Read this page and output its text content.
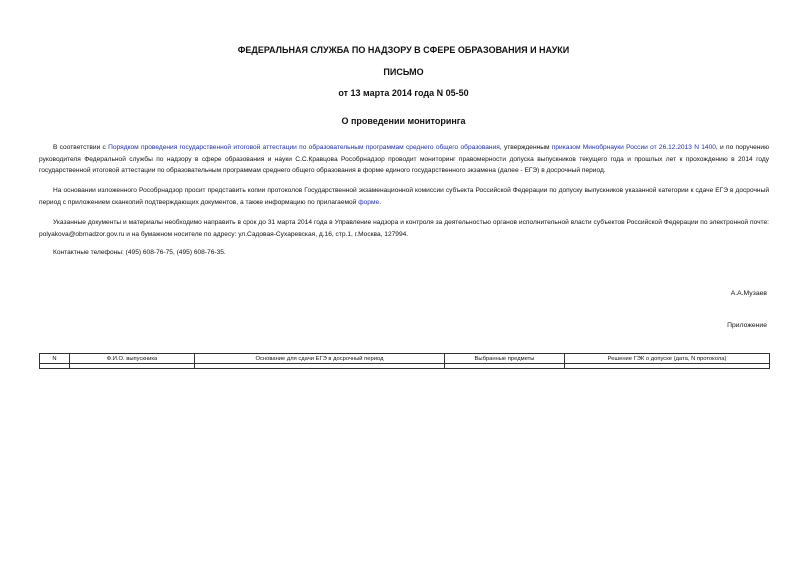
ФЕДЕРАЛЬНАЯ СЛУЖБА ПО НАДЗОРУ В СФЕРЕ ОБРАЗОВАНИЯ И НАУКИ
ПИСЬМО
от 13 марта 2014 года N 05-50
О проведении мониторинга
В соответствии с Порядком проведения государственной итоговой аттестации по образовательным программам среднего общего образования, утвержденным приказом Минобрнауки России от 26.12.2013 N 1400, и по поручению руководителя Федеральной службы по надзору в сфере образования и науки С.С.Кравцова Рособрнадзор проводит мониторинг правомерности допуска выпускников текущего года и прошлых лет к прохождению в 2014 году государственной итоговой аттестации по образовательным программам среднего общего образования в форме единого государственного экзамена (далее - ЕГЭ) в досрочный период.
На основании изложенного Рособрнадзор просит представить копии протоколов Государственной экзаменационной комиссии субъекта Российской Федерации по допуску выпускников указанной категории к сдаче ЕГЭ в досрочный период с приложением сканкопий подтверждающих документов, а также информацию по прилагаемой форме.
Указанные документы и материалы необходимо направить в срок до 31 марта 2014 года в Управление надзора и контроля за деятельностью органов исполнительной власти субъектов Российской Федерации по электронной почте: polyakova@obrnadzor.gov.ru и на бумажном носителе по адресу: ул.Садовая-Сухаревская, д.16, стр.1, г.Москва, 127994.
Контактные телефоны: (495) 608-76-75, (495) 608-76-35.
А.А.Музаев
Приложение
N	Ф.И.О. выпускника	Основание для сдачи ЕГЭ в досрочный период	Выбранные предметы	Решение ГЭК о допуске (дата, N протокола)
